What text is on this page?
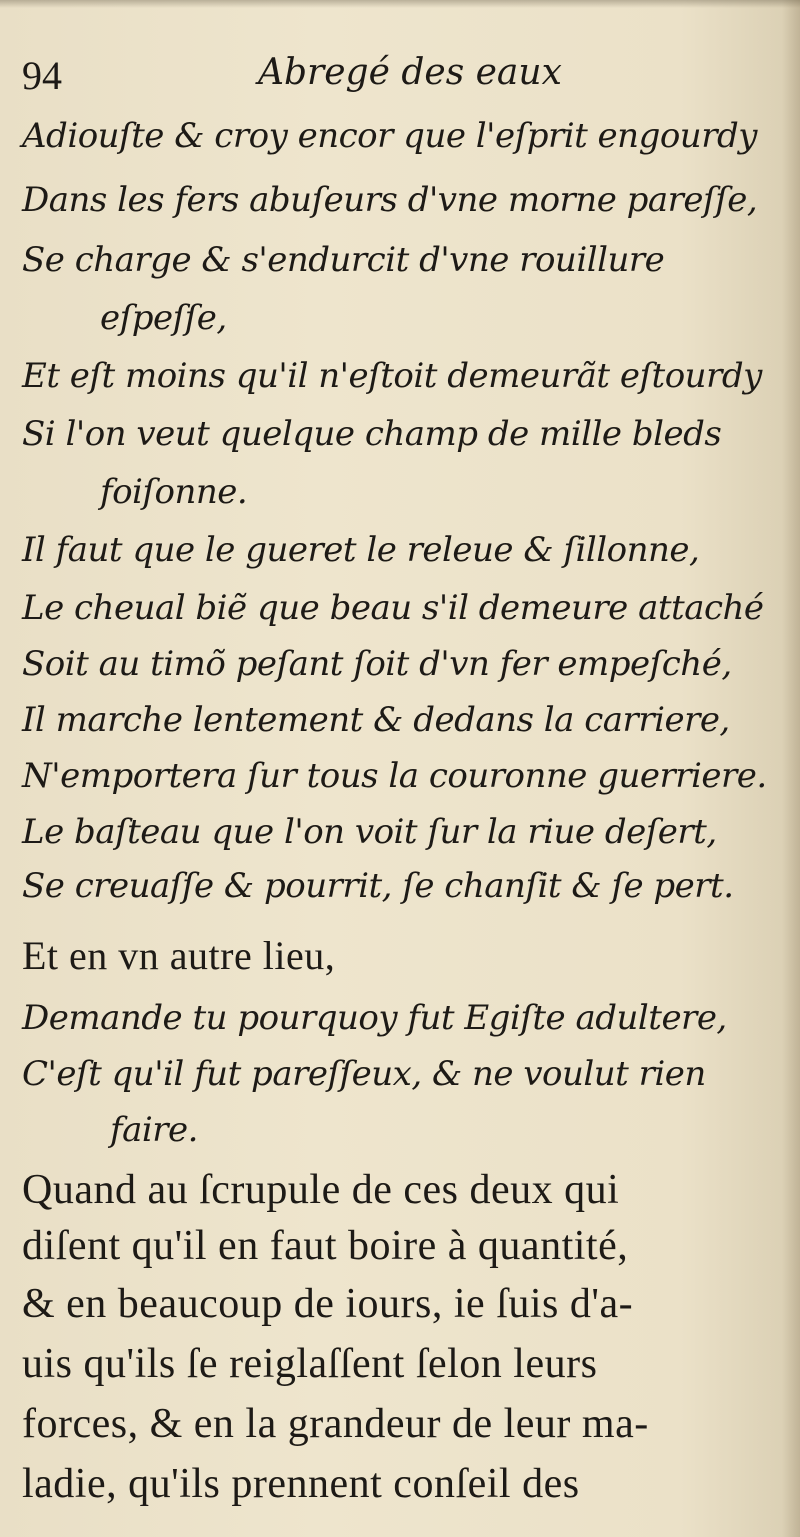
94	Abregé des eaux
Adiouſte & croy encor que l'eſprit engourdy
Dans les fers abuſeurs d'vne morne pareſſe,
Se charge & s'endurcit d'vne rouillure
eſpeſſe,
Et eſt moins qu'il n'eſtoit demeurãt eſtourdy
Si l'on veut quelque champ de mille bleds
foiſonne.
Il faut que le gueret le releue & ſillonne,
Le cheual biẽ que beau s'il demeure attaché
Soit au timõ peſant ſoit d'vn fer empeſché,
Il marche lentement & dedans la carriere,
N'emportera ſur tous la couronne guerriere.
Le baſteau que l'on voit ſur la riue deſert,
Se creuaſſe & pourrit, ſe chanſit & ſe pert.
Et en vn autre lieu,
Demande tu pourquoy fut Egiſte adultere,
C'eſt qu'il fut pareſſeux, & ne voulut rien
faire.
Quand au ſcrupule de ces deux qui
diſent qu'il en faut boire à quantité,
& en beaucoup de iours, ie ſuis d'a-
uis qu'ils ſe reiglaſſent ſelon leurs
forces, & en la grandeur de leur ma-
ladie, qu'ils prennent conſeil des
